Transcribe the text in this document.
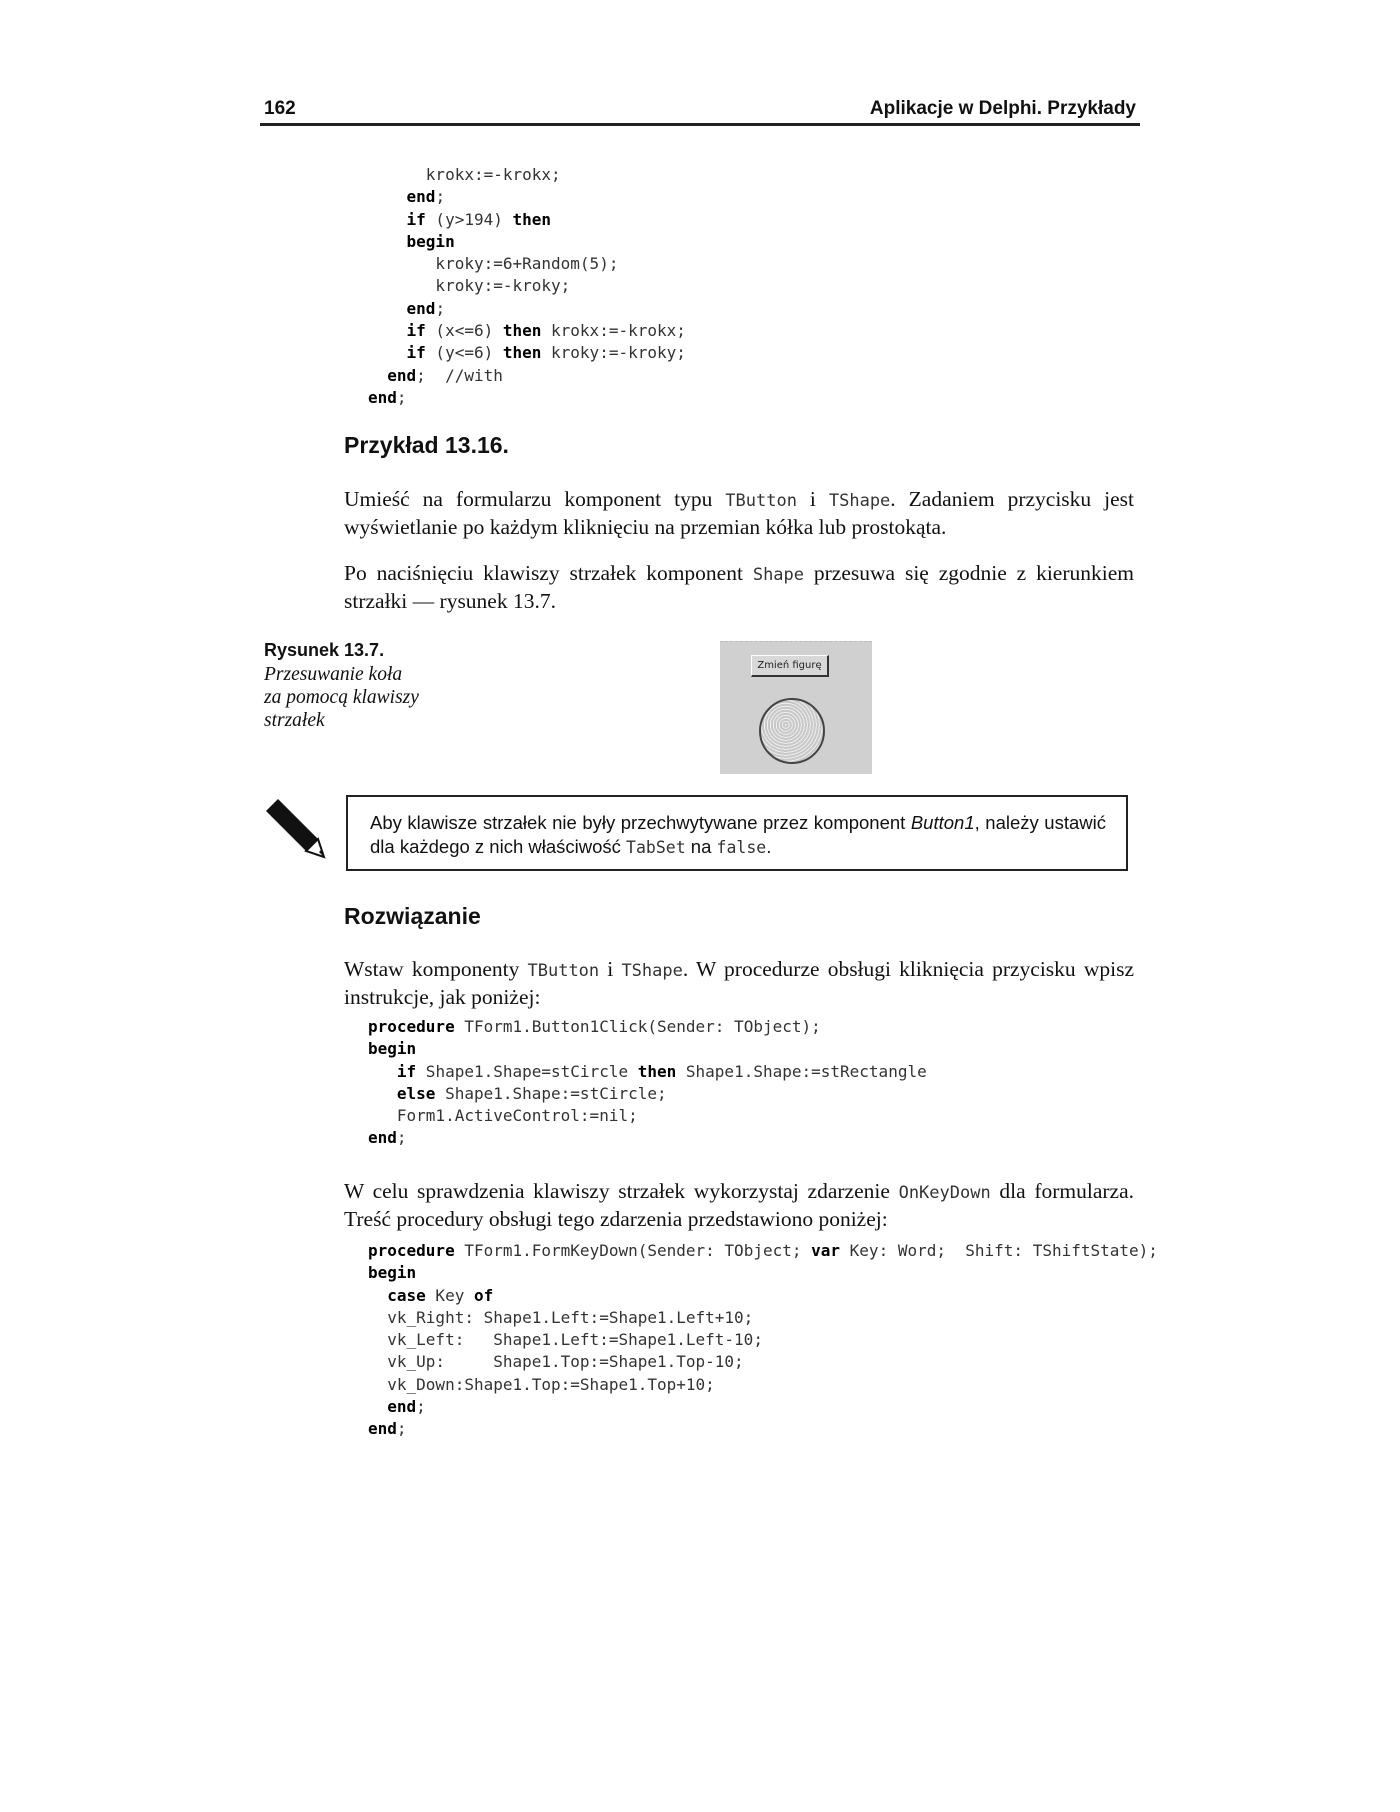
162	Aplikacje w Delphi. Przykłady
krokx:=-krokx;
end;
if (y>194) then
begin
kroky:=6+Random(5);
kroky:=-kroky;
end;
if (x<=6) then krokx:=-krokx;
if (y<=6) then kroky:=-kroky;
end;  //with
end;
Przykład 13.16.
Umieść na formularzu komponent typu TButton i TShape. Zadaniem przycisku jest wyświetlanie po każdym kliknięciu na przemian kółka lub prostokąta.
Po naciśnięciu klawiszy strzałek komponent Shape przesuwa się zgodnie z kierunkiem strzałki — rysunek 13.7.
Rysunek 13.7.
Przesuwanie koła za pomocą klawiszy strzałek
Zmień figurę
Aby klawisze strzałek nie były przechwytywane przez komponent Button1, należy ustawić dla każdego z nich właściwość TabSet na false.
Rozwiązanie
Wstaw komponenty TButton i TShape. W procedurze obsługi kliknięcia przycisku wpisz instrukcje, jak poniżej:
procedure TForm1.Button1Click(Sender: TObject);
begin
if Shape1.Shape=stCircle then Shape1.Shape:=stRectangle
else Shape1.Shape:=stCircle;
Form1.ActiveControl:=nil;
end;
W celu sprawdzenia klawiszy strzałek wykorzystaj zdarzenie OnKeyDown dla formularza. Treść procedury obsługi tego zdarzenia przedstawiono poniżej:
procedure TForm1.FormKeyDown(Sender: TObject; var Key: Word;  Shift: TShiftState);
begin
case Key of
vk_Right: Shape1.Left:=Shape1.Left+10;
vk_Left:   Shape1.Left:=Shape1.Left-10;
vk_Up:     Shape1.Top:=Shape1.Top-10;
vk_Down:Shape1.Top:=Shape1.Top+10;
end;
end;
